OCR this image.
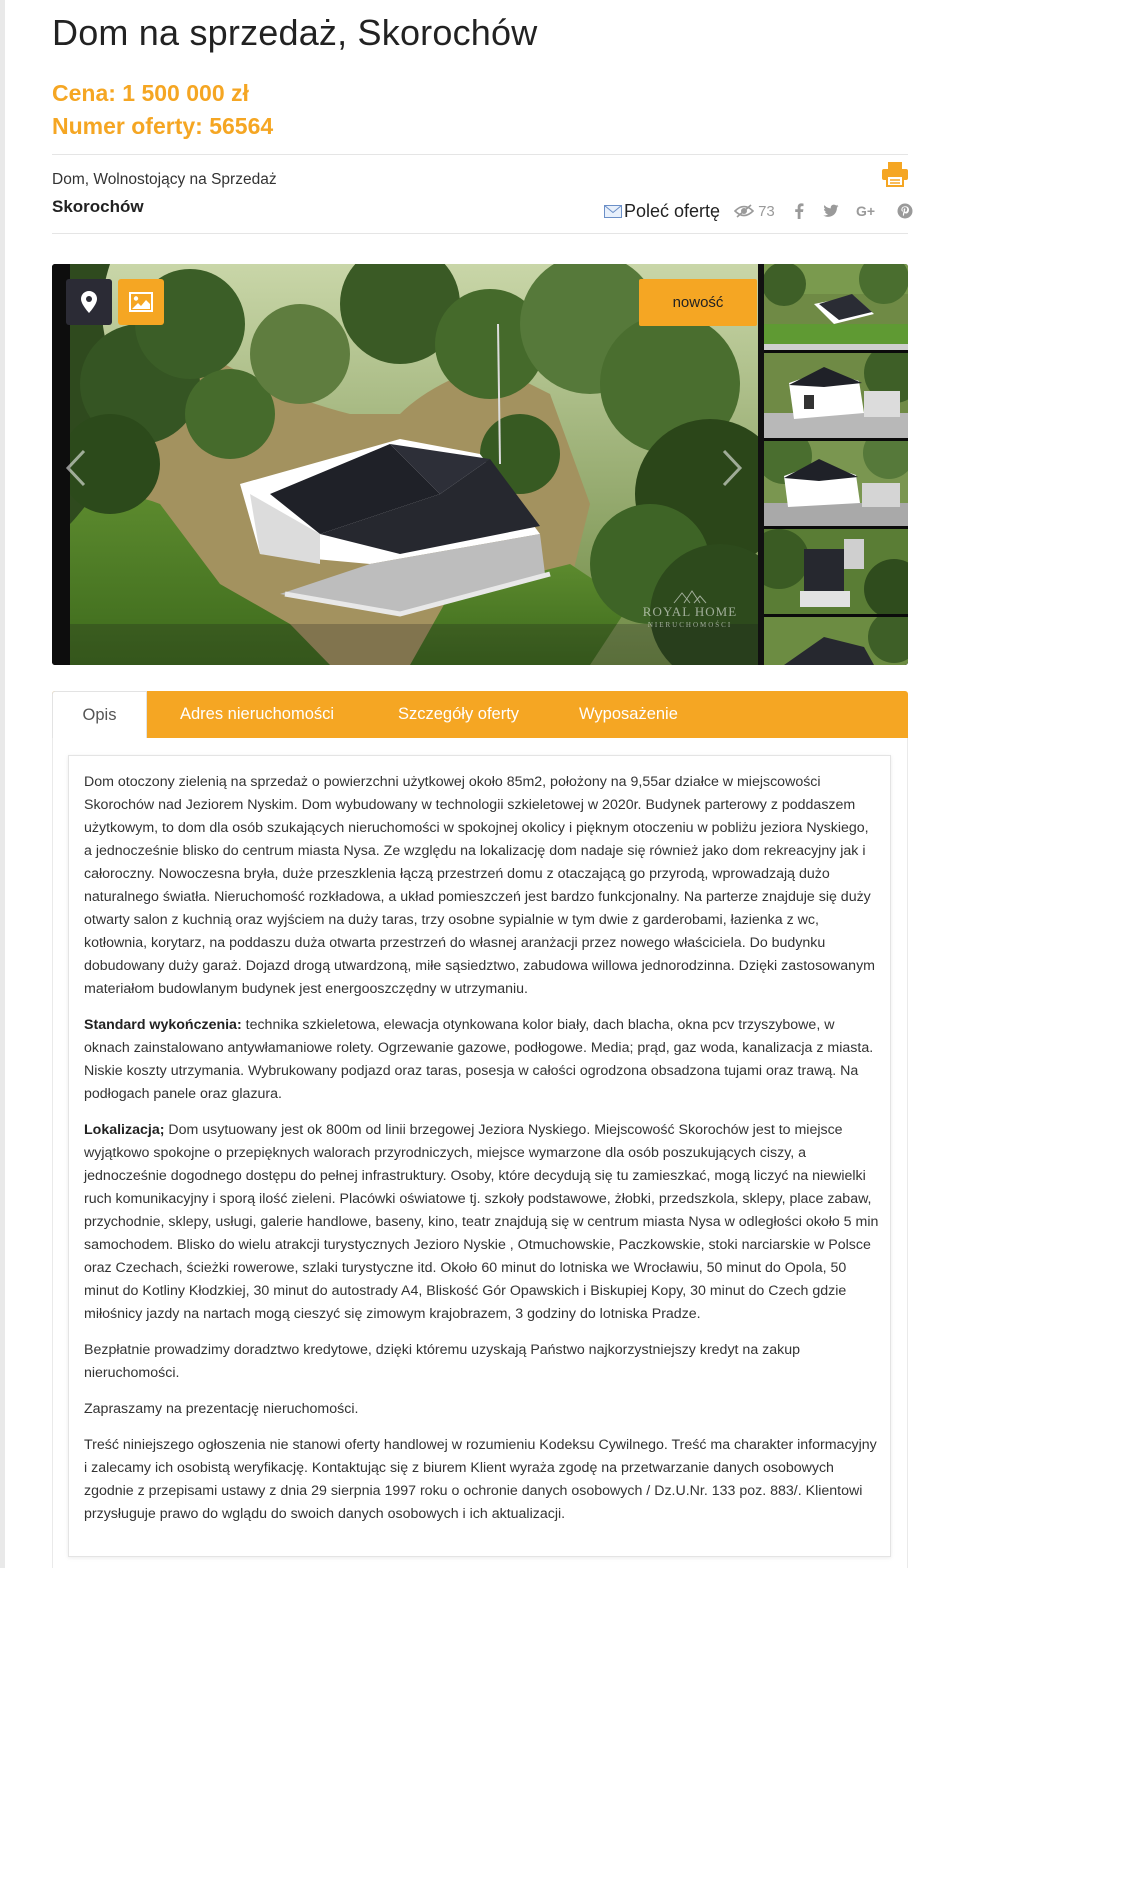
Dom na sprzedaż, Skorochów

Cena: 1 500 000 zł

Numer oferty: 56564

Dom, Wolnostojący na Sprzedaż
Skorochów	Poleć ofertę	73	G+
nowość
ROYAL HOME
NIERUCHOMOŚCI
Opis	Adres nieruchomości	Szczegóły oferty	Wyposażenie

Dom otoczony zielenią na sprzedaż o powierzchni użytkowej około 85m2, położony na 9,55ar działce w miejscowości Skorochów nad Jeziorem Nyskim. Dom wybudowany w technologii szkieletowej w 2020r. Budynek parterowy z poddaszem użytkowym, to dom dla osób szukających nieruchomości w spokojnej okolicy i pięknym otoczeniu w pobliżu jeziora Nyskiego, a jednocześnie blisko do centrum miasta Nysa. Ze względu na lokalizację dom nadaje się również jako dom rekreacyjny jak i całoroczny. Nowoczesna bryła, duże przeszklenia łączą przestrzeń domu z otaczającą go przyrodą, wprowadzają dużo naturalnego światła. Nieruchomość rozkładowa, a układ pomieszczeń jest bardzo funkcjonalny. Na parterze znajduje się duży otwarty salon z kuchnią oraz wyjściem na duży taras, trzy osobne sypialnie w tym dwie z garderobami, łazienka z wc, kotłownia, korytarz, na poddaszu duża otwarta przestrzeń do własnej aranżacji przez nowego właściciela. Do budynku dobudowany duży garaż. Dojazd drogą utwardzoną, miłe sąsiedztwo, zabudowa willowa jednorodzinna. Dzięki zastosowanym materiałom budowlanym budynek jest energooszczędny w utrzymaniu.

Standard wykończenia: technika szkieletowa, elewacja otynkowana kolor biały, dach blacha, okna pcv trzyszybowe, w oknach zainstalowano antywłamaniowe rolety. Ogrzewanie gazowe, podłogowe. Media; prąd, gaz woda, kanalizacja z miasta. Niskie koszty utrzymania. Wybrukowany podjazd oraz taras, posesja w całości ogrodzona obsadzona tujami oraz trawą. Na podłogach panele oraz glazura.

Lokalizacja; Dom usytuowany jest ok 800m od linii brzegowej Jeziora Nyskiego. Miejscowość Skorochów jest to miejsce wyjątkowo spokojne o przepięknych walorach przyrodniczych, miejsce wymarzone dla osób poszukujących ciszy, a jednocześnie dogodnego dostępu do pełnej infrastruktury. Osoby, które decydują się tu zamieszkać, mogą liczyć na niewielki ruch komunikacyjny i sporą ilość zieleni. Placówki oświatowe tj. szkoły podstawowe, żłobki, przedszkola, sklepy, place zabaw, przychodnie, sklepy, usługi, galerie handlowe, baseny, kino, teatr znajdują się w centrum miasta Nysa w odległości około 5 min samochodem. Blisko do wielu atrakcji turystycznych Jezioro Nyskie , Otmuchowskie, Paczkowskie, stoki narciarskie w Polsce oraz Czechach, ścieżki rowerowe, szlaki turystyczne itd. Około 60 minut do lotniska we Wrocławiu, 50 minut do Opola, 50 minut do Kotliny Kłodzkiej, 30 minut do autostrady A4, Bliskość Gór Opawskich i Biskupiej Kopy, 30 minut do Czech gdzie miłośnicy jazdy na nartach mogą cieszyć się zimowym krajobrazem, 3 godziny do lotniska Pradze.

Bezpłatnie prowadzimy doradztwo kredytowe, dzięki któremu uzyskają Państwo najkorzystniejszy kredyt na zakup nieruchomości.

Zapraszamy na prezentację nieruchomości.

Treść niniejszego ogłoszenia nie stanowi oferty handlowej w rozumieniu Kodeksu Cywilnego. Treść ma charakter informacyjny i zalecamy ich osobistą weryfikację. Kontaktując się z biurem Klient wyraża zgodę na przetwarzanie danych osobowych zgodnie z przepisami ustawy z dnia 29 sierpnia 1997 roku o ochronie danych osobowych / Dz.U.Nr. 133 poz. 883/. Klientowi przysługuje prawo do wglądu do swoich danych osobowych i ich aktualizacji.
